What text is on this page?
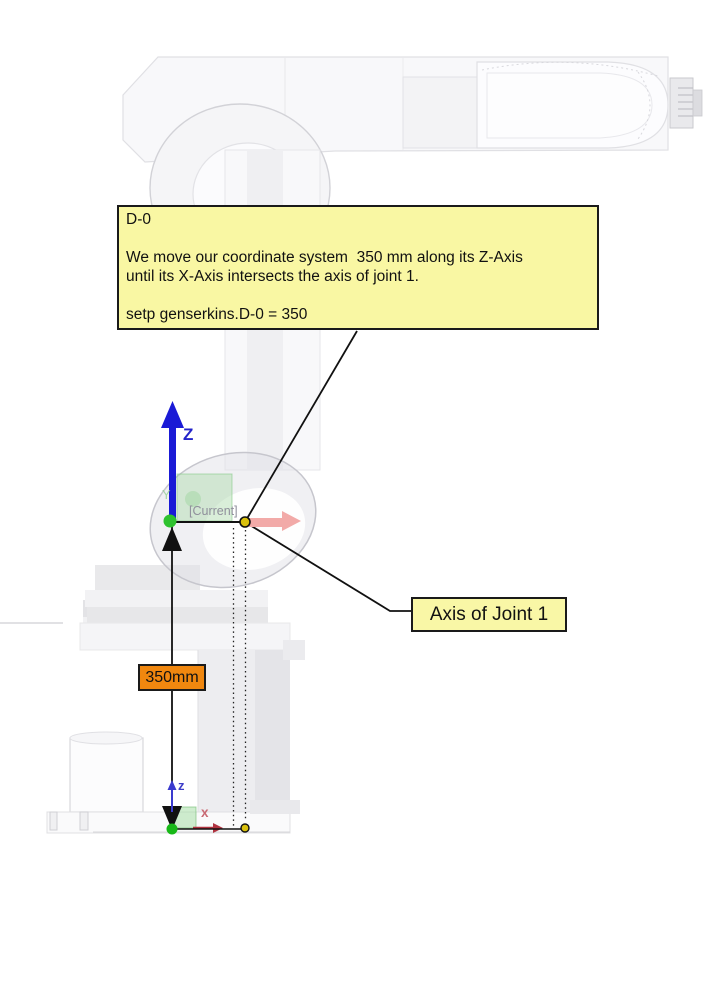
D-0
We move our coordinate system  350 mm along its Z-Axis
until its X-Axis intersects the axis of joint 1.
setp genserkins.D-0 = 350
Axis of Joint 1
350mm
Z
Y
[Current]
z
x
